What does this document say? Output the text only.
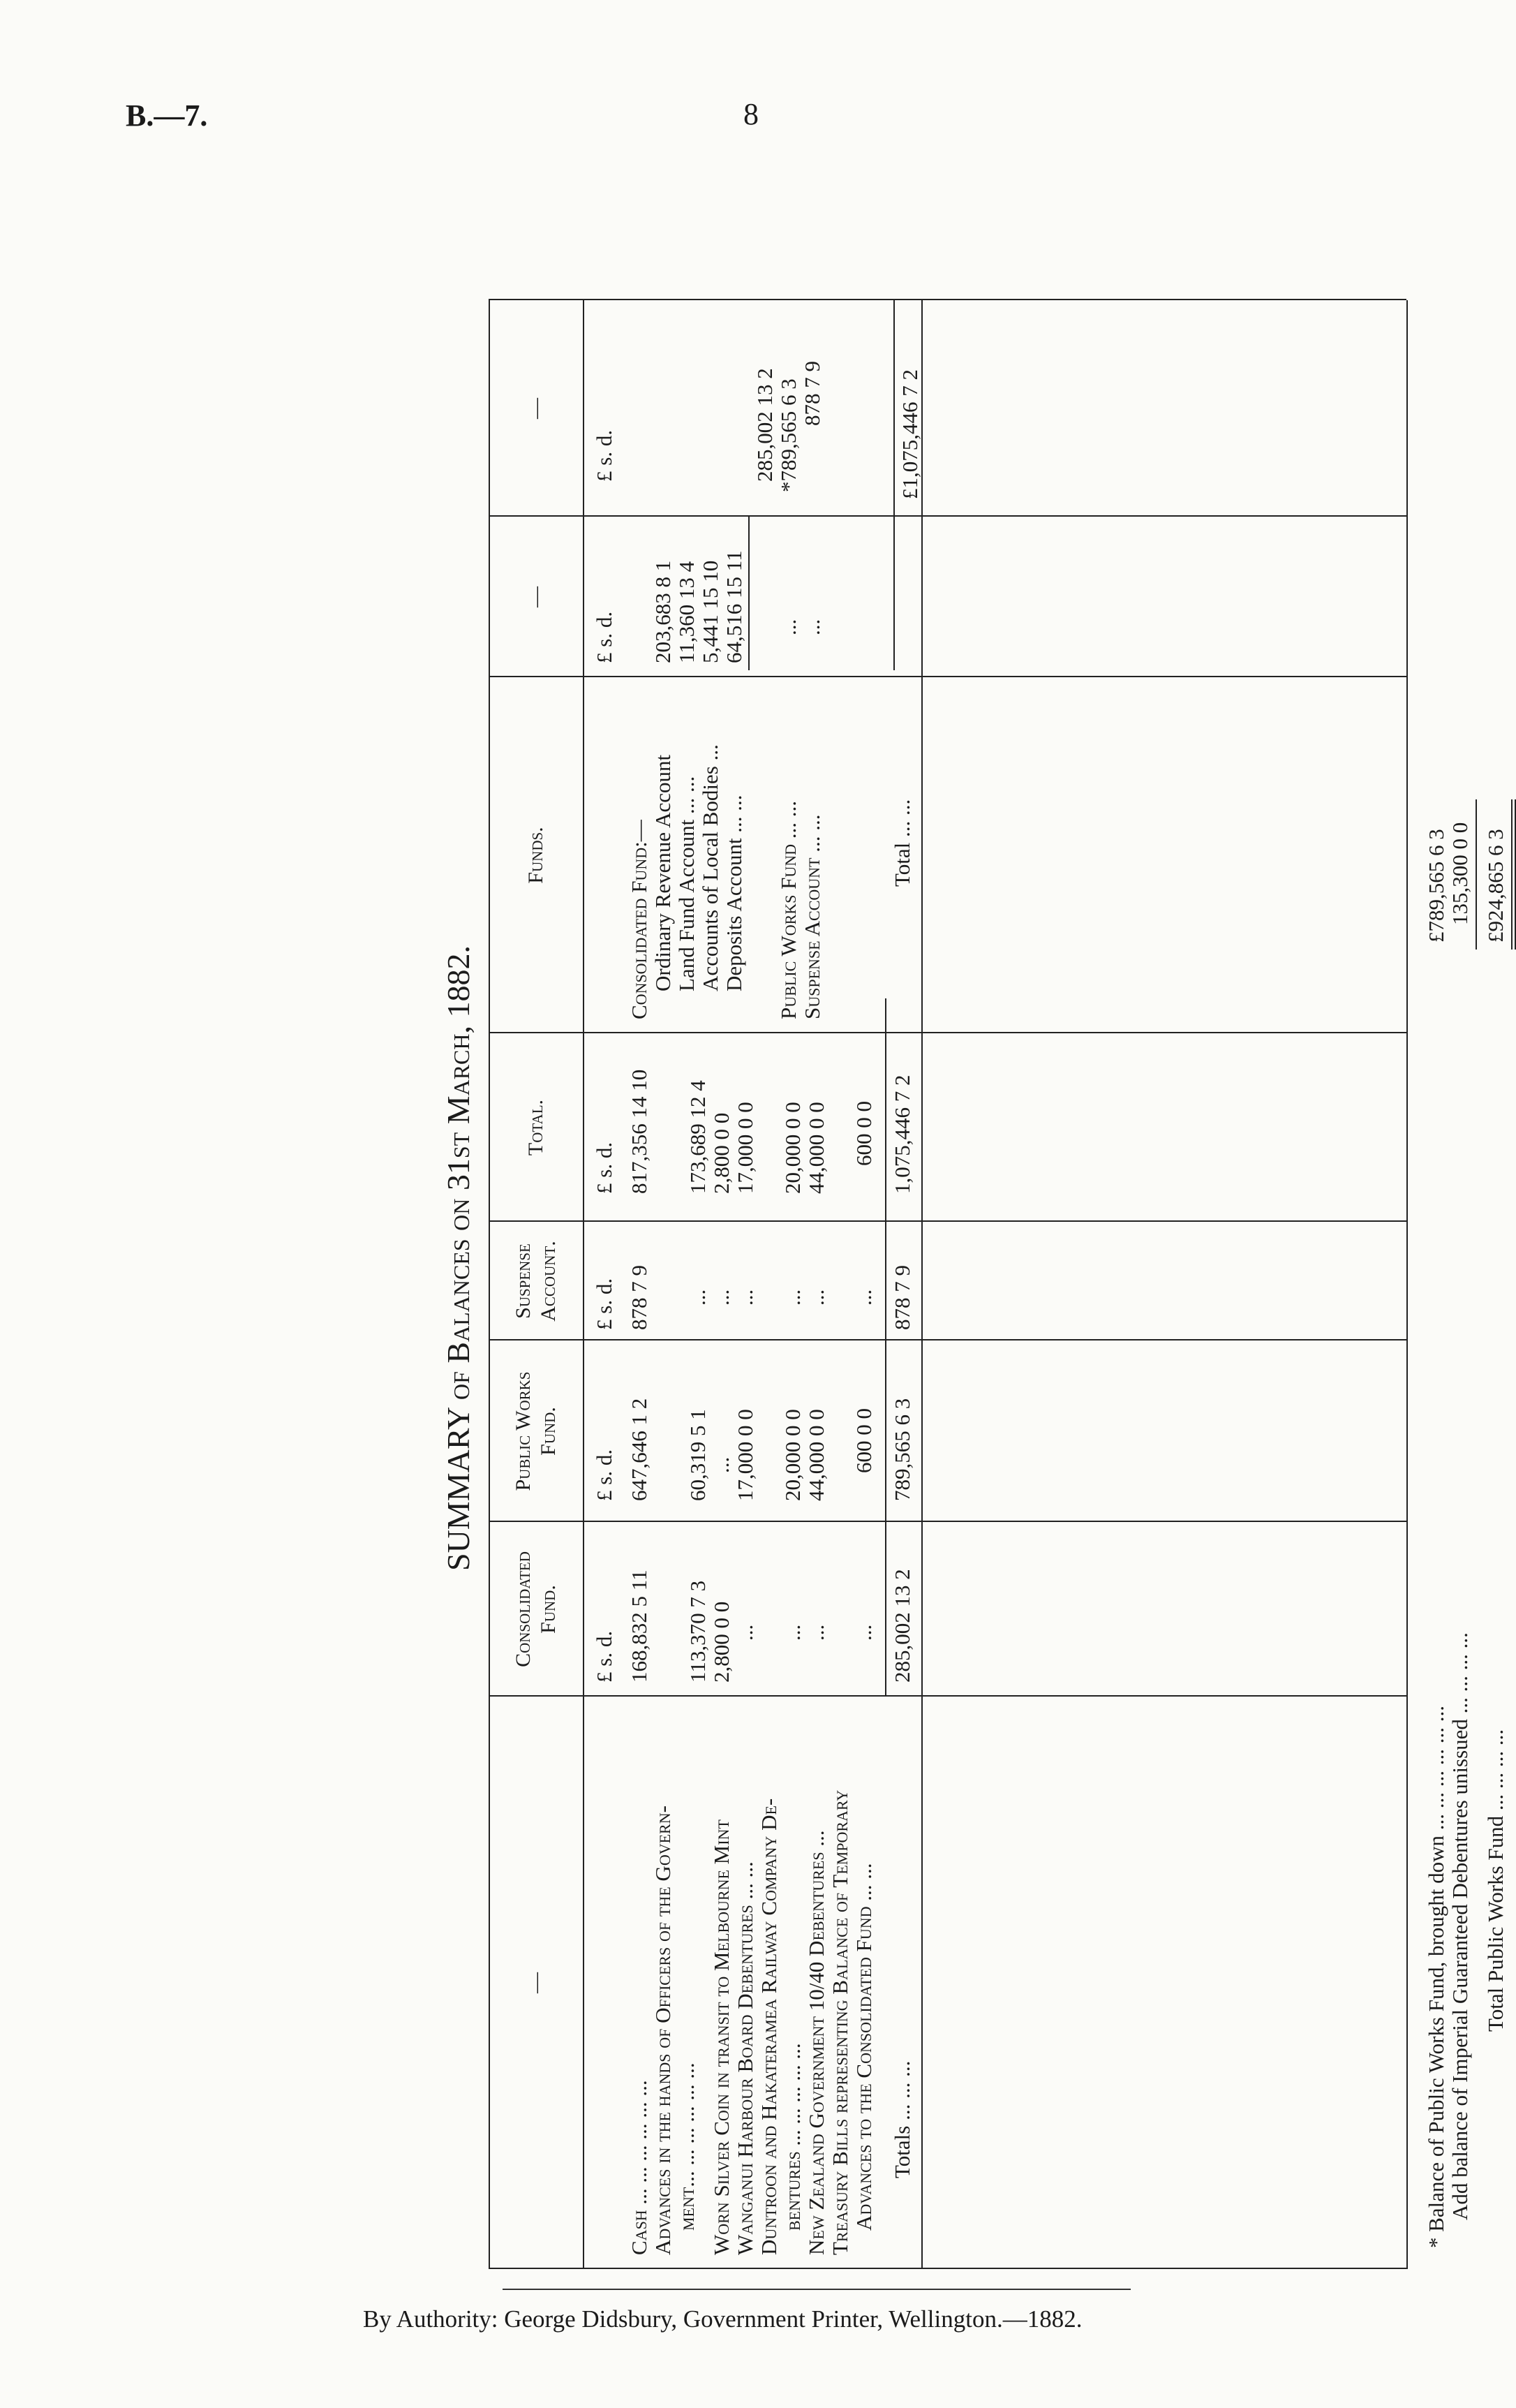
B.—7.	8
SUMMARY of Balances on 31st March, 1882.
—
Consolidated Fund.
Public Works Fund.
Suspense Account.
Total.
Funds.
—
—
£ s. d.
£ s. d.
£ s. d.
£ s. d.
£ s. d.
£ s. d.
Cash ... ... ... ... ... ...
168,832 5 11
647,646 1 2
878 7 9
817,356 14 10
Advances in the hands of Officers of the Govern- ment... ... ... ... ... ...
113,370 7 3
60,319 5 1
...
173,689 12 4
Worn Silver Coin in transit to Melbourne Mint
2,800 0 0
...
...
2,800 0 0
Wanganui Harbour Board Debentures ... ...
...
17,000 0 0
...
17,000 0 0
Duntroon and Hakateramea Railway Company De- bentures ... ... ... ... ...
...
20,000 0 0
...
20,000 0 0
New Zealand Government 10/40 Debentures ...
...
44,000 0 0
...
44,000 0 0
Treasury Bills representing Balance of Temporary Advances to the Consolidated Fund ... ...
...
600 0 0
...
600 0 0
Totals ... ... ...
285,002 13 2
789,565 6 3
878 7 9
1,075,446 7 2
Consolidated Fund:— Ordinary Revenue Account
203,683 8 1
Land Fund Account ... ...
11,360 13 4
Accounts of Local Bodies ...
5,441 15 10
Deposits Account ... ...
64,516 15 11
285,002 13 2
Public Works Fund ... ...
...
*789,565 6 3
Suspense Account ... ...
...
878 7 9
Total ... ...
£1,075,446 7 2
* Balance of Public Works Fund, brought down ... ... ... ... ... ...
£789,565 6 3
Add balance of Imperial Guaranteed Debentures unissued ... ... ... ...
135,300 0 0
Total Public Works Fund ... ... ... ...
£924,865 6 3
By Authority: George Didsbury, Government Printer, Wellington.—1882.
